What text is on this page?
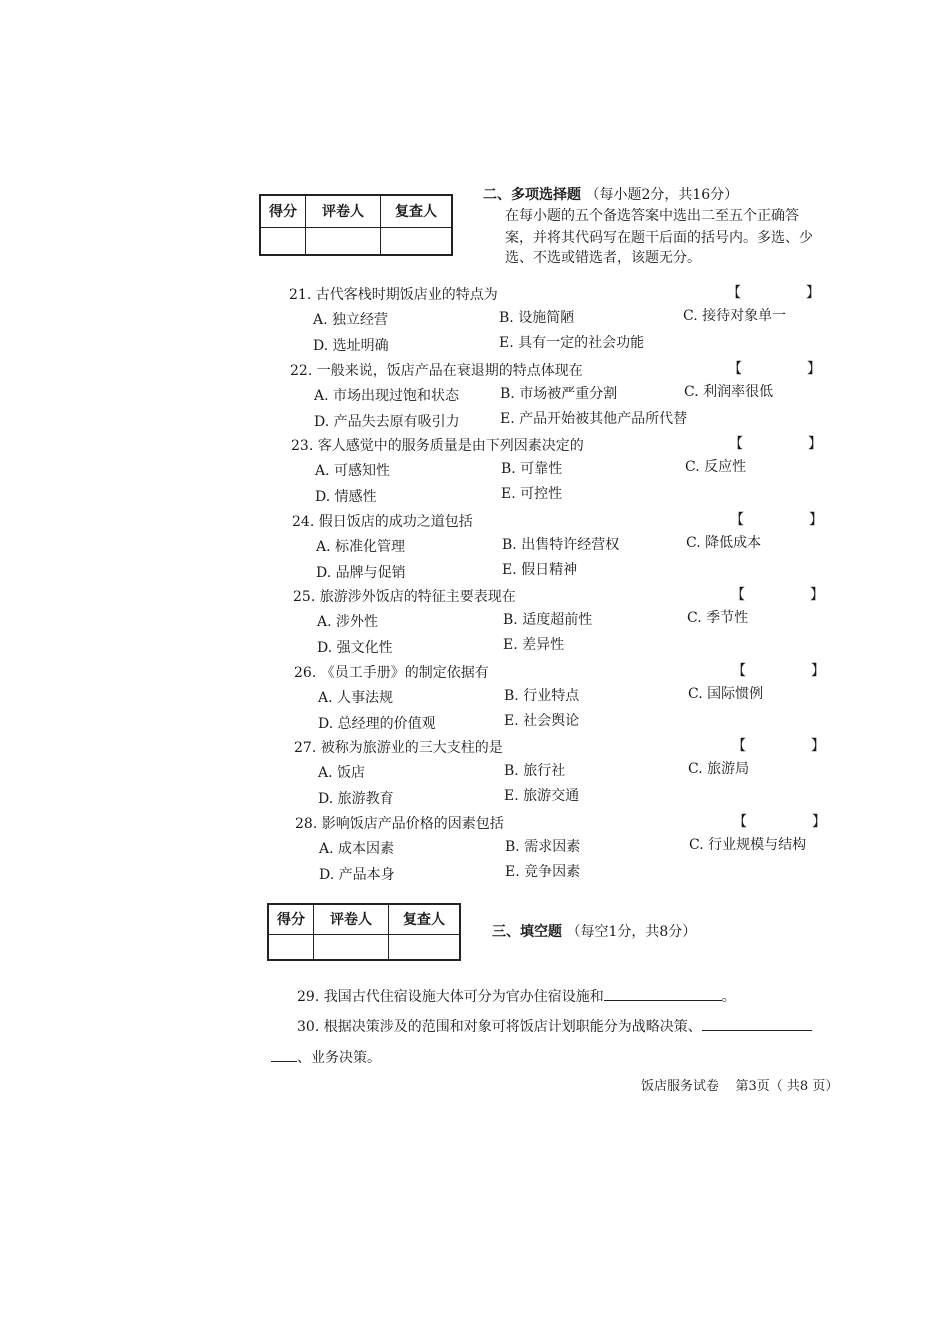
得分	评卷人	复查人

二、多项选择题 （每小题2分，共16分）
在每小题的五个备选答案中选出二至五个正确答
案，并将其代码写在题干后面的括号内。多选、少
选、不选或错选者，该题无分。
21. 古代客栈时期饭店业的特点为	【	】
A. 独立经营	B. 设施简陋	C. 接待对象单一
D. 选址明确	E. 具有一定的社会功能
22. 一般来说，饭店产品在衰退期的特点体现在	【	】
A. 市场出现过饱和状态	B. 市场被严重分割	C. 利润率很低
D. 产品失去原有吸引力	E. 产品开始被其他产品所代替
23. 客人感觉中的服务质量是由下列因素决定的	【	】
A. 可感知性	B. 可靠性	C. 反应性
D. 情感性	E. 可控性
24. 假日饭店的成功之道包括	【	】
A. 标准化管理	B. 出售特许经营权	C. 降低成本
D. 品牌与促销	E. 假日精神
25. 旅游涉外饭店的特征主要表现在	【	】
A. 涉外性	B. 适度超前性	C. 季节性
D. 强文化性	E. 差异性
26. 《员工手册》的制定依据有	【	】
A. 人事法规	B. 行业特点	C. 国际惯例
D. 总经理的价值观	E. 社会舆论
27. 被称为旅游业的三大支柱的是	【	】
A. 饭店	B. 旅行社	C. 旅游局
D. 旅游教育	E. 旅游交通
28. 影响饭店产品价格的因素包括	【	】
A. 成本因素	B. 需求因素	C. 行业规模与结构
D. 产品本身	E. 竞争因素
得分	评卷人	复查人

三、填空题 （每空1分，共8分）
29. 我国古代住宿设施大体可分为官办住宿设施和	。
30. 根据决策涉及的范围和对象可将饭店计划职能分为战略决策、
、业务决策。
饭店服务试卷    第3页（ 共8 页）
